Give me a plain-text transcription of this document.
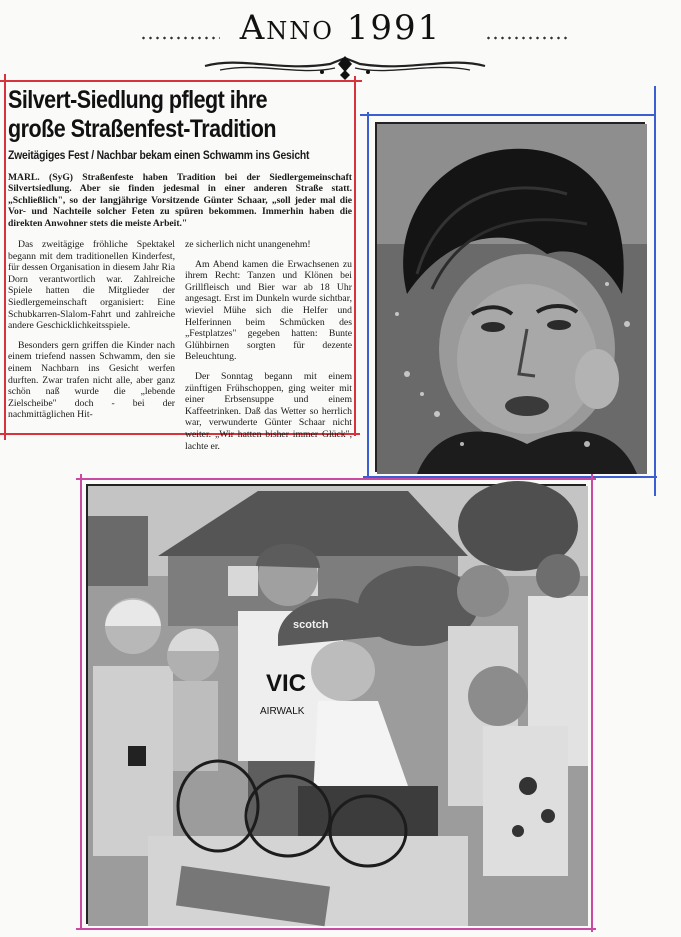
Anno 1991
Silvert-Siedlung pflegt ihre
große Straßenfest-Tradition
Zweitägiges Fest / Nachbar bekam einen Schwamm ins Gesicht
MARL. (SyG) Straßenfeste haben Tradition bei der Siedlergemeinschaft Silvertsiedlung. Aber sie finden jedesmal in einer anderen Straße statt. „Schließlich", so der langjährige Vorsitzende Günter Schaar, „soll jeder mal die Vor- und Nachteile solcher Feten zu spüren bekommen. Immerhin haben die direkten Anwohner stets die meiste Arbeit."

Das zweitägige fröhliche Spektakel begann mit dem traditionellen Kinderfest, für dessen Organisation in diesem Jahr Ria Dorn verantwortlich war. Zahlreiche Spiele hatten die Mitglieder der Siedlergemeinschaft organisiert: Eine Schubkarren-Slalom-Fahrt und zahlreiche andere Geschicklichkeitsspiele.

Besonders gern griffen die Kinder nach einem triefend nassen Schwamm, den sie einem Nachbarn ins Gesicht werfen durften. Zwar trafen nicht alle, aber ganz schön naß wurde die „lebende Zielscheibe" doch - bei der nachmittäglichen Hit-

ze sicherlich nicht unangenehm!

Am Abend kamen die Erwachsenen zu ihrem Recht: Tanzen und Klönen bei Grillfleisch und Bier war ab 18 Uhr angesagt. Erst im Dunkeln wurde sichtbar, wieviel Mühe sich die Helfer und Helferinnen beim Schmücken des „Festplatzes" gegeben hatten: Bunte Glühbirnen sorgten für dezente Beleuchtung.

Der Sonntag begann mit einem zünftigen Frühschoppen, ging weiter mit einer Erbsensuppe und einem Kaffeetrinken. Daß das Wetter so herrlich war, verwunderte Günter Schaar nicht weiter. „Wir hatten bisher immer Glück", lachte er.

VIC
AIRWALK
scotch
